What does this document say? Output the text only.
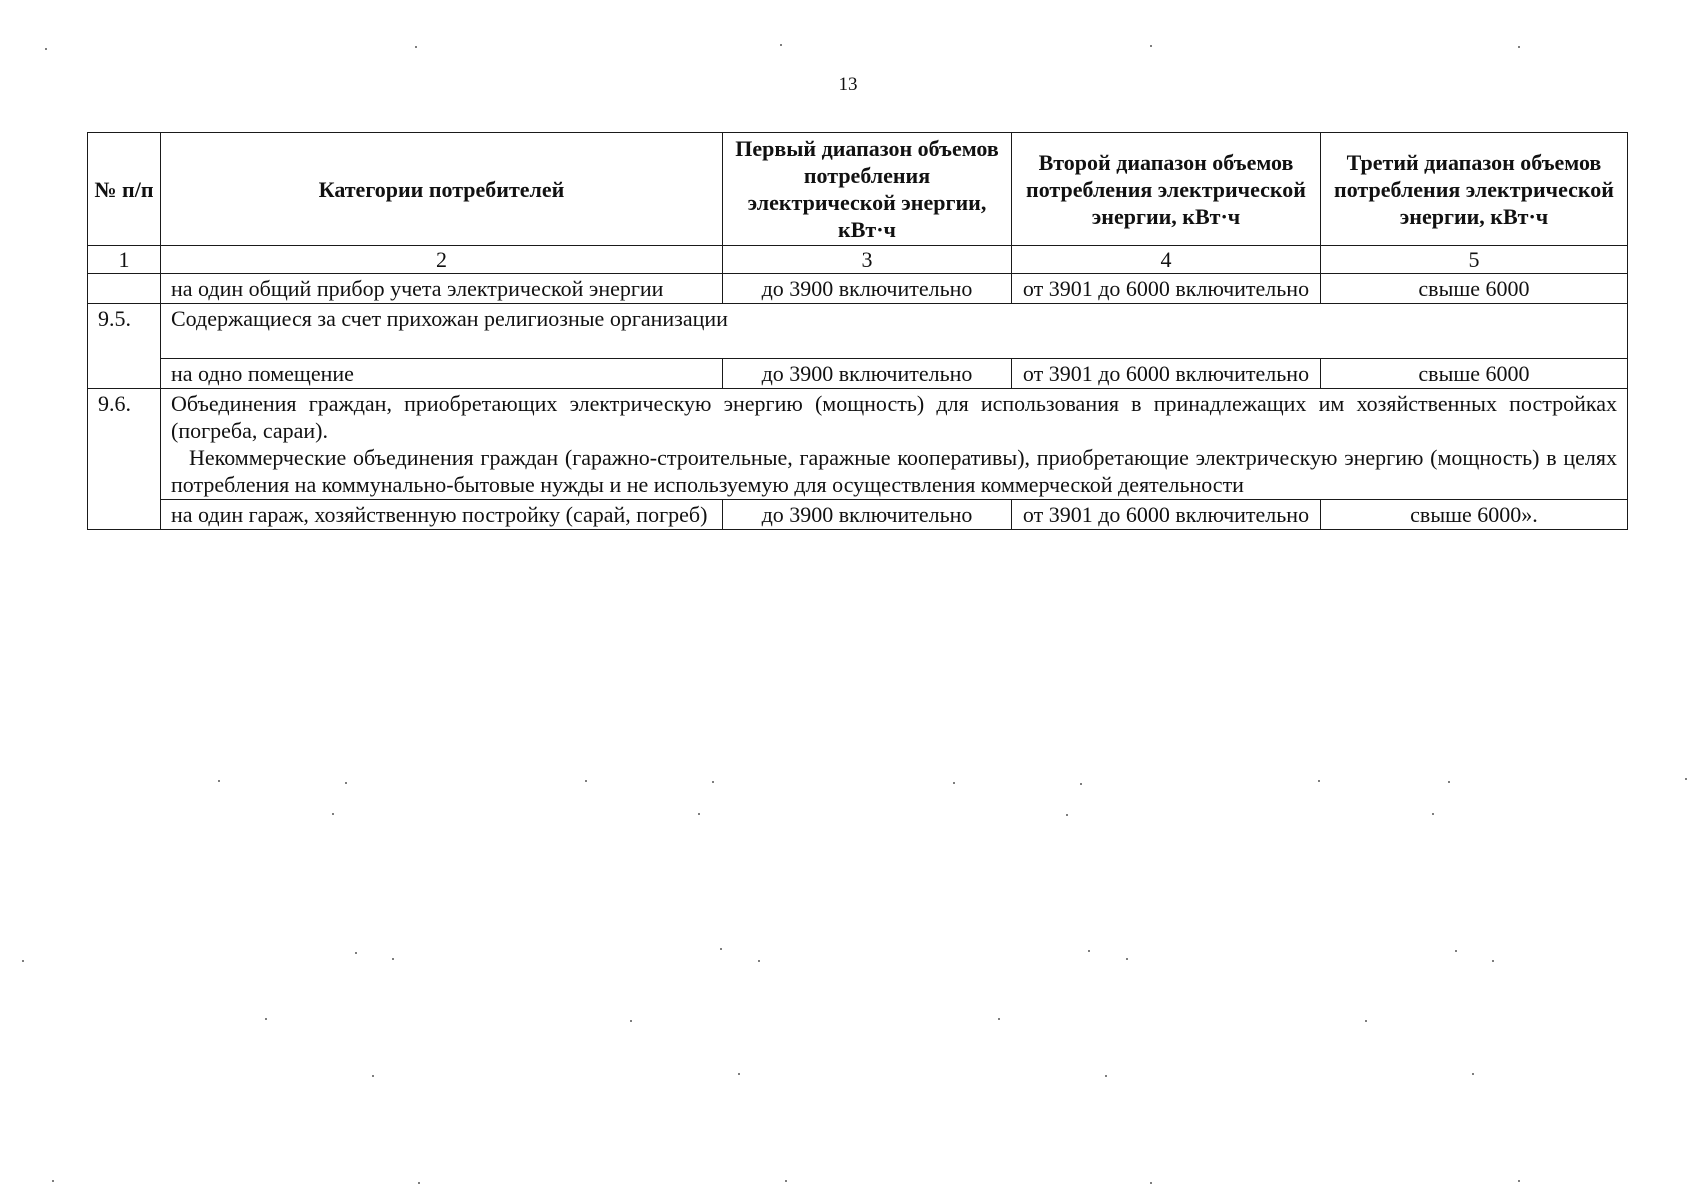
13
№ п/п	Категории потребителей	Первый диапазон объемов потребления электрической энергии, кВт·ч	Второй диапазон объемов потребления электрической энергии, кВт·ч	Третий диапазон объемов потребления электрической энергии, кВт·ч
1	2	3	4	5
	на один общий прибор учета электрической энергии	до 3900 включительно	от 3901 до 6000 включительно	свыше 6000
9.5.	Содержащиеся за счет прихожан религиозные организации			
	на одно помещение	до 3900 включительно	от 3901 до 6000 включительно	свыше 6000
9.6.	Объединения граждан, приобретающих электрическую энергию (мощность) для использования в принадлежащих им хозяйственных постройках (погреба, сараи).
Некоммерческие объединения граждан (гаражно-строительные, гаражные кооперативы), приобретающие электрическую энергию (мощность) в целях потребления на коммунально-бытовые нужды и не используемую для осуществления коммерческой деятельности			

	на один гараж, хозяйственную постройку (сарай, погреб)	до 3900 включительно	от 3901 до 6000 включительно	свыше 6000».
